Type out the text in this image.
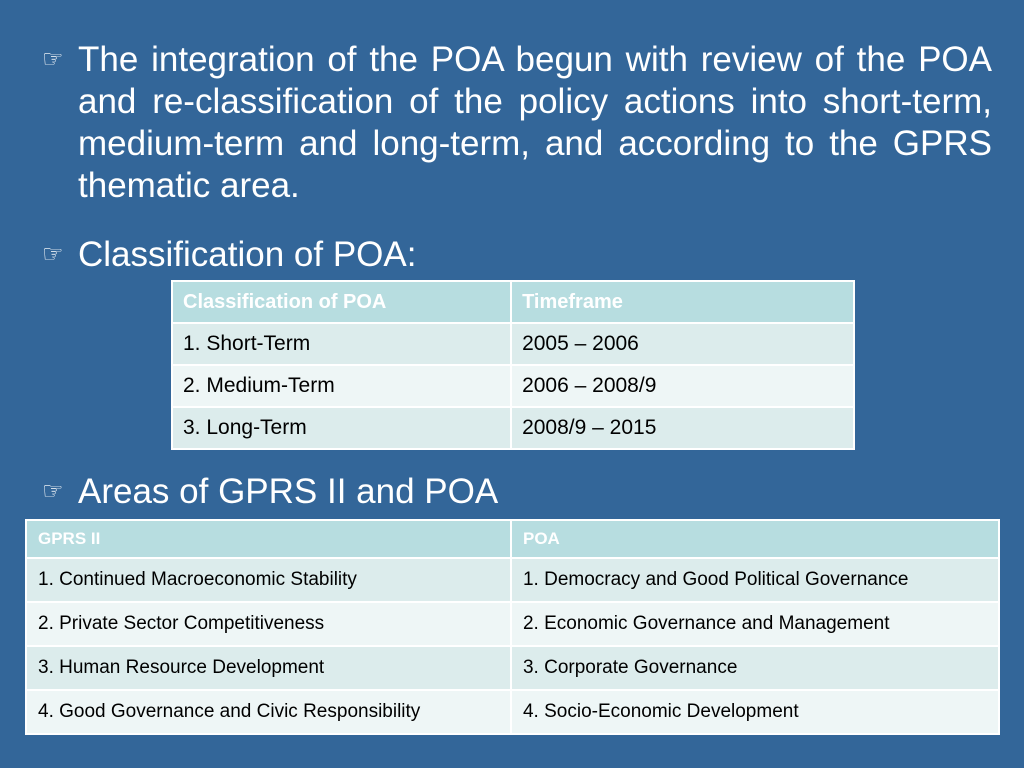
☞ The integration of the POA begun with review of the POA and re-classification of the policy actions into short-term, medium-term and long-term, and according to the GPRS thematic area.
☞ Classification of POA:
Classification of POA	Timeframe
1. Short-Term	2005 – 2006
2. Medium-Term	2006 – 2008/9
3. Long-Term	2008/9 – 2015
☞ Areas of GPRS II and POA
GPRS II	POA
1. Continued Macroeconomic Stability	1. Democracy and Good Political Governance
2. Private Sector Competitiveness	2. Economic Governance and Management
3. Human Resource Development	3. Corporate Governance
4. Good Governance and Civic Responsibility	4. Socio-Economic Development
